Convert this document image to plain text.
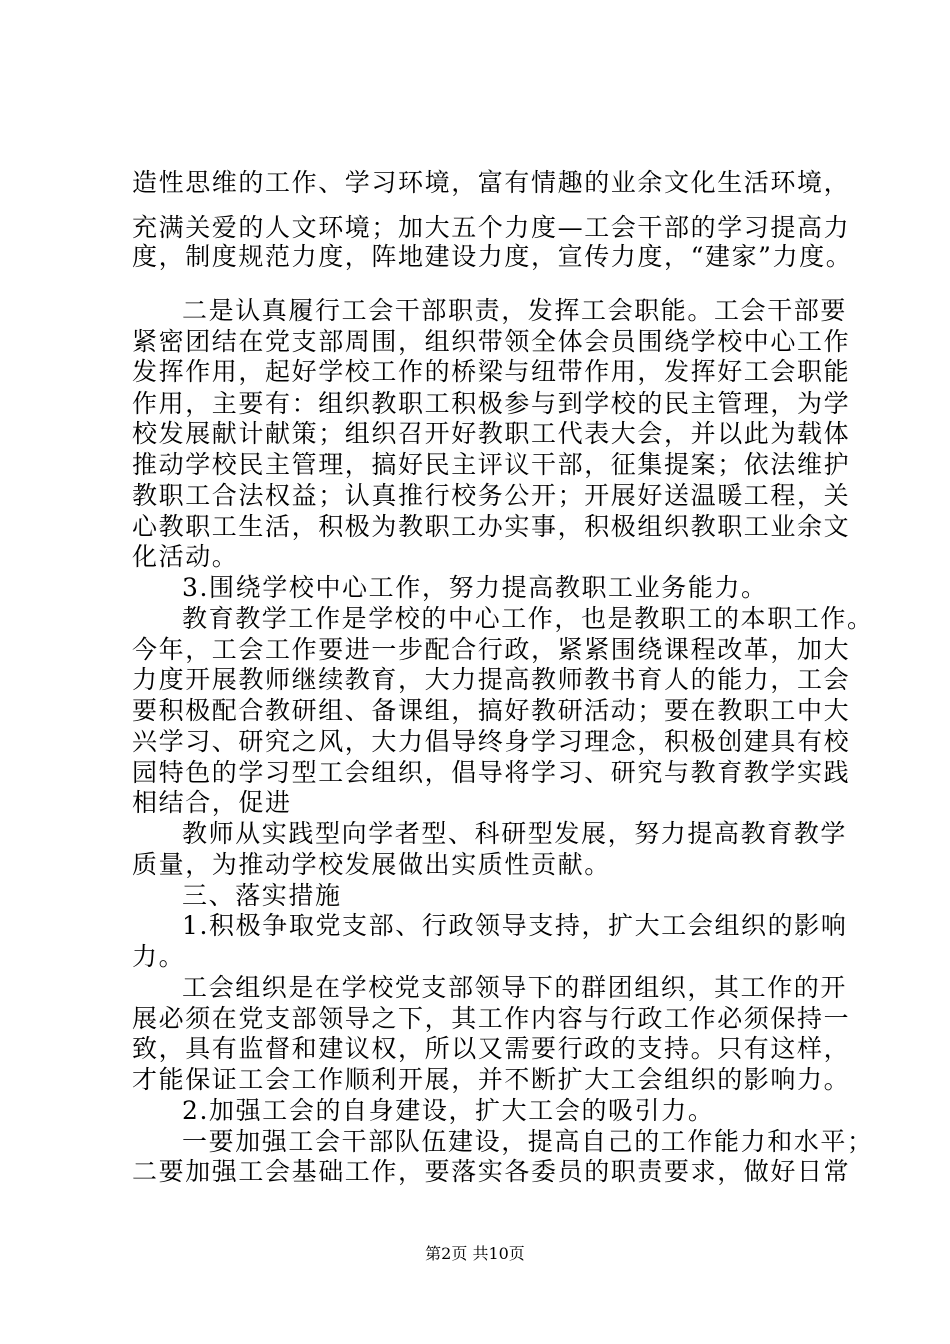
造性思维的工作、学习环境，富有情趣的业余文化生活环境，
充满关爱的人文环境；加大五个力度—工会干部的学习提高力
度，制度规范力度，阵地建设力度，宣传力度，“建家”力度。
二是认真履行工会干部职责，发挥工会职能。工会干部要
紧密团结在党支部周围，组织带领全体会员围绕学校中心工作
发挥作用，起好学校工作的桥梁与纽带作用，发挥好工会职能
作用，主要有：组织教职工积极参与到学校的民主管理，为学
校发展献计献策；组织召开好教职工代表大会，并以此为载体
推动学校民主管理，搞好民主评议干部，征集提案；依法维护
教职工合法权益；认真推行校务公开；开展好送温暖工程，关
心教职工生活，积极为教职工办实事，积极组织教职工业余文
化活动。
3.围绕学校中心工作，努力提高教职工业务能力。
教育教学工作是学校的中心工作，也是教职工的本职工作。
今年，工会工作要进一步配合行政，紧紧围绕课程改革，加大
力度开展教师继续教育，大力提高教师教书育人的能力，工会
要积极配合教研组、备课组，搞好教研活动；要在教职工中大
兴学习、研究之风，大力倡导终身学习理念，积极创建具有校
园特色的学习型工会组织，倡导将学习、研究与教育教学实践
相结合，促进
教师从实践型向学者型、科研型发展，努力提高教育教学
质量，为推动学校发展做出实质性贡献。
三、落实措施
1.积极争取党支部、行政领导支持，扩大工会组织的影响
力。
工会组织是在学校党支部领导下的群团组织，其工作的开
展必须在党支部领导之下，其工作内容与行政工作必须保持一
致，具有监督和建议权，所以又需要行政的支持。只有这样，
才能保证工会工作顺利开展，并不断扩大工会组织的影响力。
2.加强工会的自身建设，扩大工会的吸引力。
一要加强工会干部队伍建设，提高自己的工作能力和水平；
二要加强工会基础工作，要落实各委员的职责要求，做好日常
第2页 共10页
